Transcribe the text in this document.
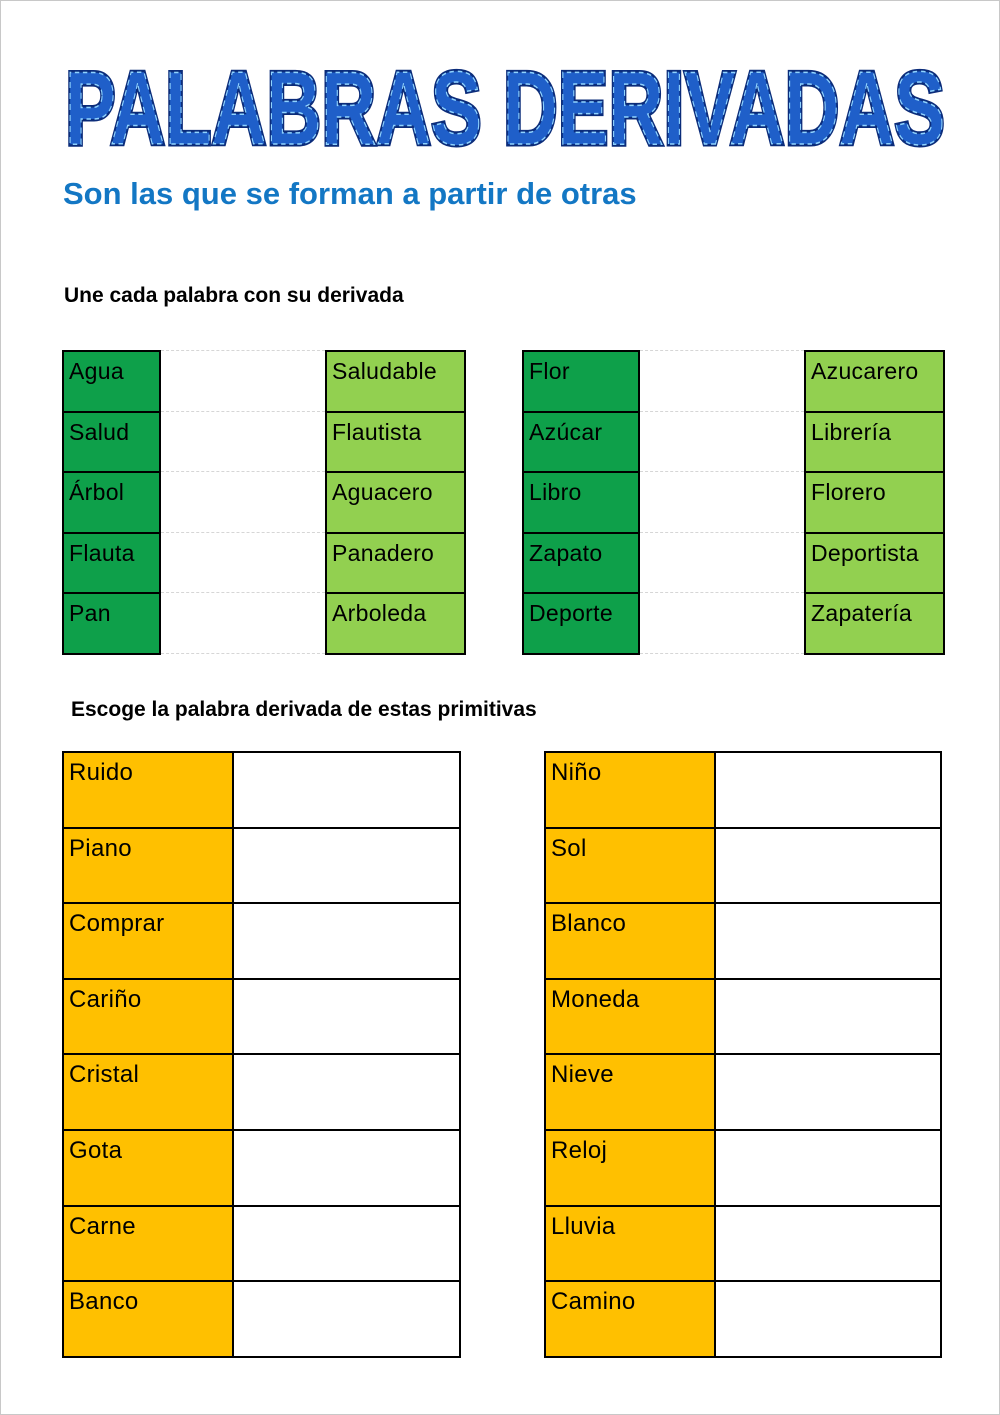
PALABRAS DERIVADAS
PALABRAS DERIVADAS
Son las que se forman a partir de otras
Une cada palabra con su derivada
Agua	Saludable
Salud	Flautista
Árbol	Aguacero
Flauta	Panadero
Pan	Arboleda
Flor	Azucarero
Azúcar	Librería
Libro	Florero
Zapato	Deportista
Deporte	Zapatería
Escoge la palabra derivada de estas primitivas
Ruido
Piano
Comprar
Cariño
Cristal
Gota
Carne
Banco
Niño
Sol
Blanco
Moneda
Nieve
Reloj
Lluvia
Camino
